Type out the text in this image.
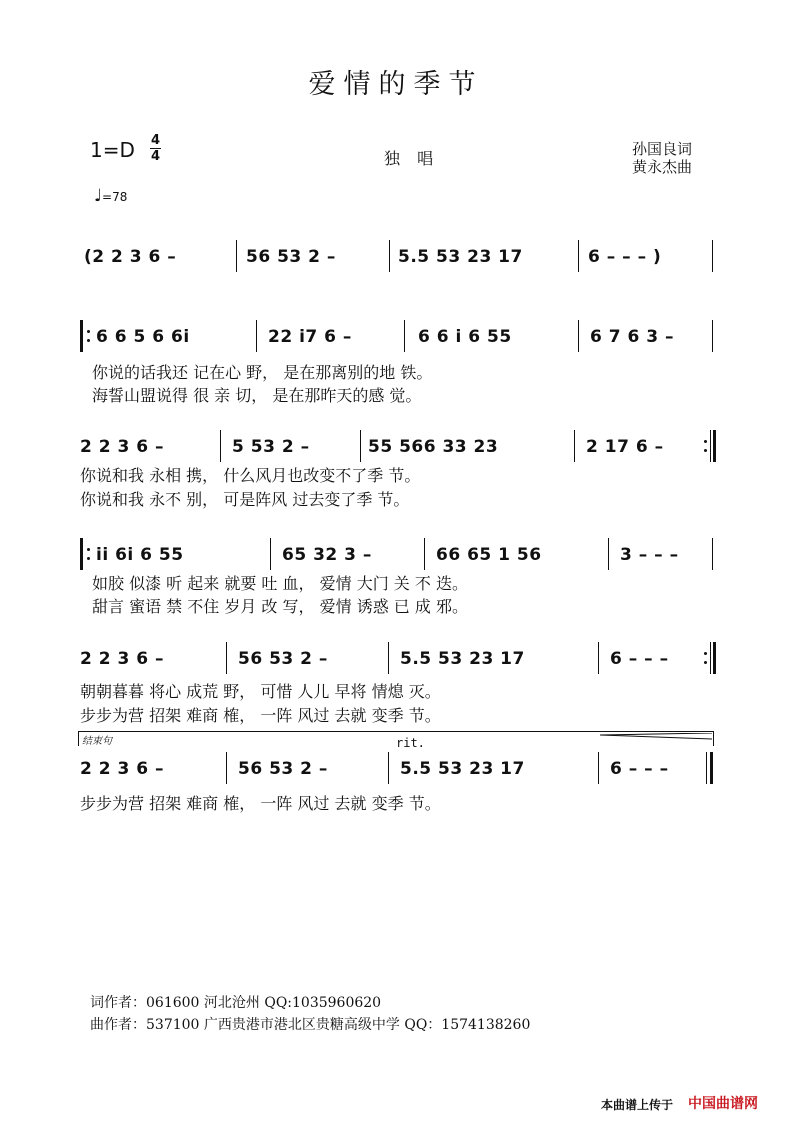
爱情的季节
1=D 4
4	独 唱	孙国良词
黄永杰曲
♩=78
(2 2 3 6 –	56 53 2 –	5.5 53 23 17	6 – – – )
6 6 5 6 6i	22 i7 6 –	6 6 i 6 55	6 7 6 3 –
你说的话我还 记在心 野， 是在那离别的地 铁。
海誓山盟说得 很 亲 切， 是在那昨天的感 觉。
2 2 3 6 –	5 53 2 –	55 566 33 23	2 17 6 –
你说和我 永相 携， 什么风月也改变不了季 节。
你说和我 永不 别， 可是阵风 过去变了季 节。
ii 6i 6 55	65 32 3 –	66 65 1 56	3 – – –
如胶 似漆 听 起来 就要 吐 血， 爱情 大门 关 不 迭。
甜言 蜜语 禁 不住 岁月 改 写， 爱情 诱惑 已 成 邪。
2 2 3 6 –	56 53 2 –	5.5 53 23 17	6 – – –
朝朝暮暮 将心 成荒 野， 可惜 人儿 早将 情熄 灭。
步步为营 招架 难商 榷， 一阵 风过 去就 变季 节。
结束句	rit.
2 2 3 6 –	56 53 2 –	5.5 53 23 17	6 – – –
步步为营 招架 难商 榷， 一阵 风过 去就 变季 节。
词作者：061600 河北沧州 QQ:1035960620
曲作者：537100 广西贵港市港北区贵糖高级中学 QQ：1574138260
本曲谱上传于 中国曲谱网
